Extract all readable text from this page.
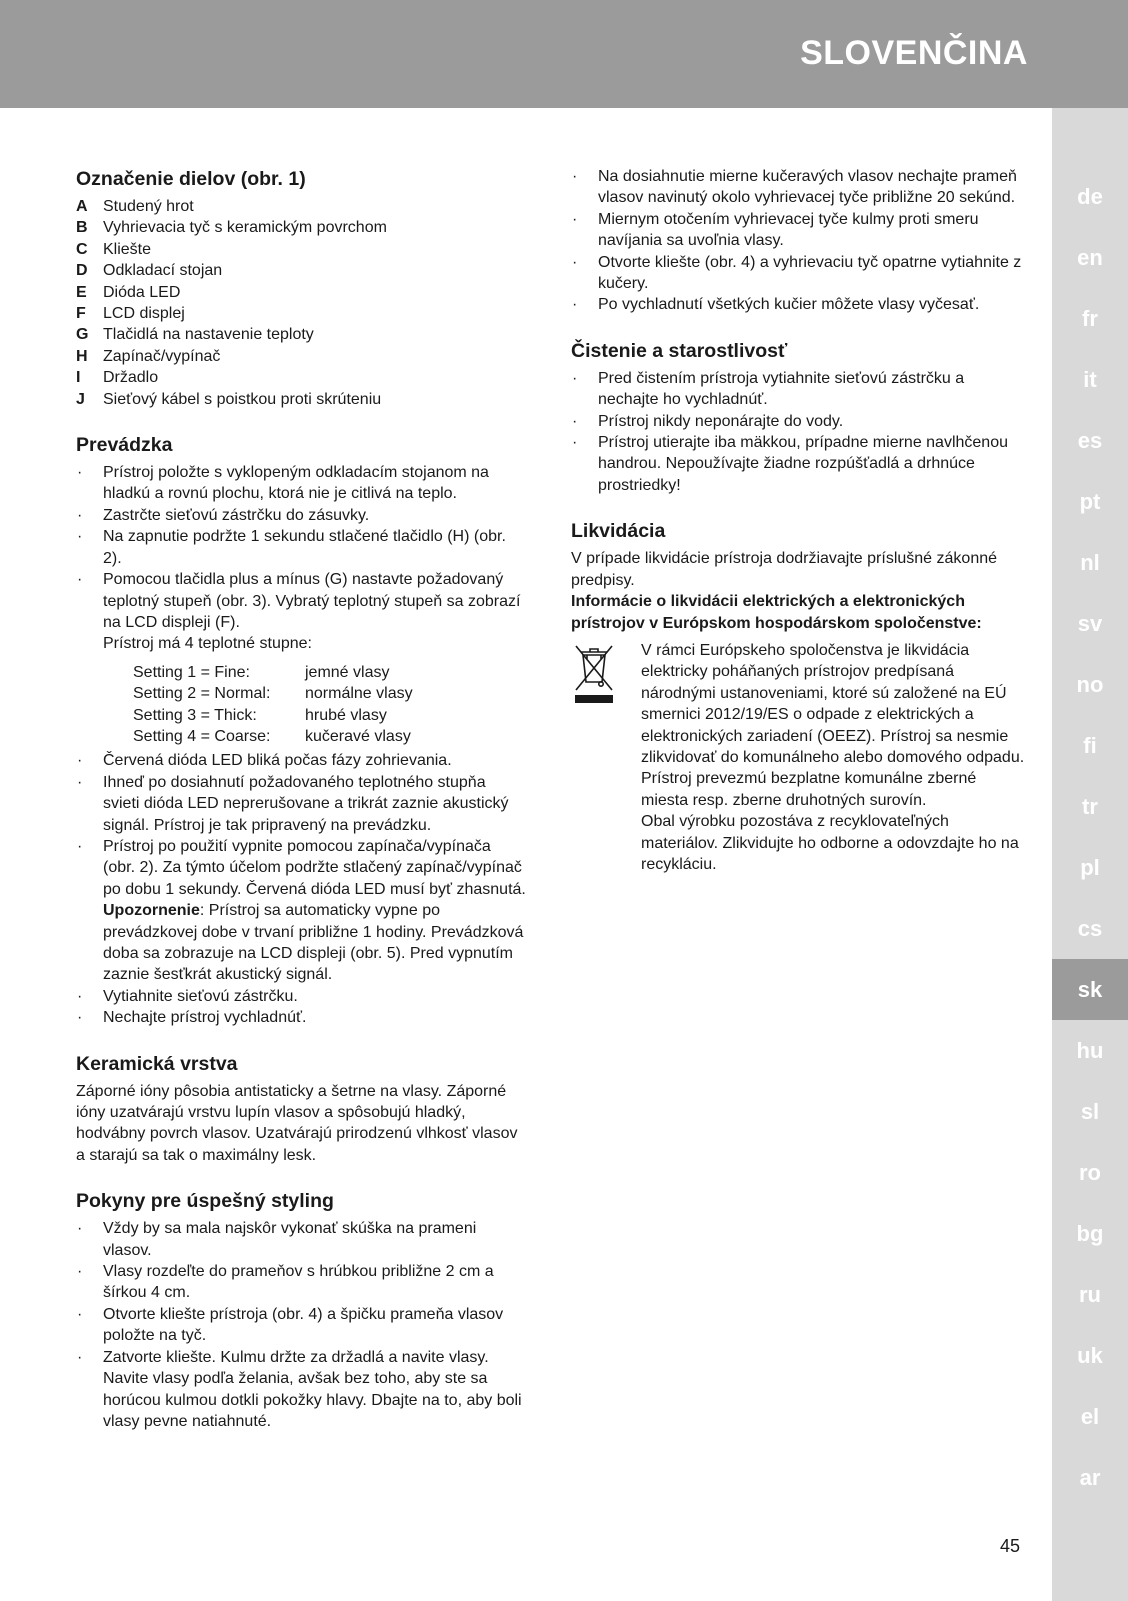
SLOVENČINA
de
en
fr
it
es
pt
nl
sv
no
fi
tr
pl
cs
sk
hu
sl
ro
bg
ru
uk
el
ar
Označenie dielov (obr. 1)
A Studený hrot
B Vyhrievacia tyč s keramickým povrchom
C Kliešte
D Odkladací stojan
E	Dióda LED
F	LCD displej
G Tlačidlá na nastavenie teploty
H Zapínač/vypínač
I	Držadlo
J	Sieťový kábel s poistkou proti skrúteniu
Prevádzka
·	Prístroj položte s vyklopeným odkladacím stojanom na hladkú a rovnú plochu, ktorá nie je citlivá na teplo.
·	Zastrčte sieťovú zástrčku do zásuvky.
·	Na zapnutie podržte 1 sekundu stlačené tlačidlo (H) (obr. 2).
·	Pomocou tlačidla plus a mínus (G) nastavte požadovaný teplotný stupeň (obr. 3). Vybratý teplotný stupeň sa zobrazí na LCD displeji (F).
Prístroj má 4 teplotné stupne:
Setting 1 = Fine:	jemné vlasy
Setting 2 = Normal:	normálne vlasy
Setting 3 = Thick:	hrubé vlasy
Setting 4 = Coarse:	kučeravé vlasy
·	Červená dióda LED bliká počas fázy zohrievania.
·	Ihneď po dosiahnutí požadovaného teplotného stupňa svieti dióda LED neprerušovane a trikrát zaznie akustický signál. Prístroj je tak pripravený na prevádzku.
·	Prístroj po použití vypnite pomocou zapínača/vypínača (obr. 2). Za týmto účelom podržte stlačený zapínač/vypínač po dobu 1 sekundy. Červená dióda LED musí byť zhasnutá.
Upozornenie: Prístroj sa automaticky vypne po prevádzkovej dobe v trvaní približne 1 hodiny. Prevádzková doba sa zobrazuje na LCD displeji (obr. 5). Pred vypnutím zaznie šesťkrát akustický signál.
·	Vytiahnite sieťovú zástrčku.
·	Nechajte prístroj vychladnúť.
Keramická vrstva

Záporné ióny pôsobia antistaticky a šetrne na vlasy. Záporné ióny uzatvárajú vrstvu lupín vlasov a spôsobujú hladký, hodvábny povrch vlasov. Uzatvárajú prirodzenú vlhkosť vlasov a starajú sa tak o maximálny lesk.

Pokyny pre úspešný styling
·	Vždy by sa mala najskôr vykonať skúška na prameni vlasov.
·	Vlasy rozdeľte do prameňov s hrúbkou približne 2 cm a šírkou 4 cm.
·	Otvorte kliešte prístroja (obr. 4) a špičku prameňa vlasov položte na tyč.
·	Zatvorte kliešte. Kulmu držte za držadlá a navite vlasy. Navite vlasy podľa želania, avšak bez toho, aby ste sa horúcou kulmou dotkli pokožky hlavy. Dbajte na to, aby boli vlasy pevne natiahnuté.
·	Na dosiahnutie mierne kučeravých vlasov nechajte prameň vlasov navinutý okolo vyhrievacej tyče približne 20 sekúnd.
·	Miernym otočením vyhrievacej tyče kulmy proti smeru navíjania sa uvoľnia vlasy.
·	Otvorte kliešte (obr. 4) a vyhrievaciu tyč opatrne vytiahnite z kučery.
·	Po vychladnutí všetkých kučier môžete vlasy vyčesať.
Čistenie a starostlivosť
·	Pred čistením prístroja vytiahnite sieťovú zástrčku a nechajte ho vychladnúť.
·	Prístroj nikdy neponárajte do vody.
·	Prístroj utierajte iba mäkkou, prípadne mierne navlhčenou handrou. Nepoužívajte žiadne rozpúšťadlá a drhnúce prostriedky!
Likvidácia

V prípade likvidácie prístroja dodržiavajte príslušné zákonné predpisy.

Informácie o likvidácii elektrických a elektronických prístrojov v Európskom hospodárskom spoločenstve:

V rámci Európskeho spoločenstva je likvidácia elektricky poháňaných prístrojov predpísaná národnými ustanoveniami, ktoré sú založené na EÚ smernici 2012/19/ES o odpade z elektrických a elektronických zariadení (OEEZ). Prístroj sa nesmie zlikvidovať do komunálneho alebo domového odpadu.

Prístroj prevezmú bezplatne komunálne zberné miesta resp. zberne druhotných surovín.

Obal výrobku pozostáva z recyklovateľných materiálov. Zlikvidujte ho odborne a odovzdajte ho na recykláciu.

45
